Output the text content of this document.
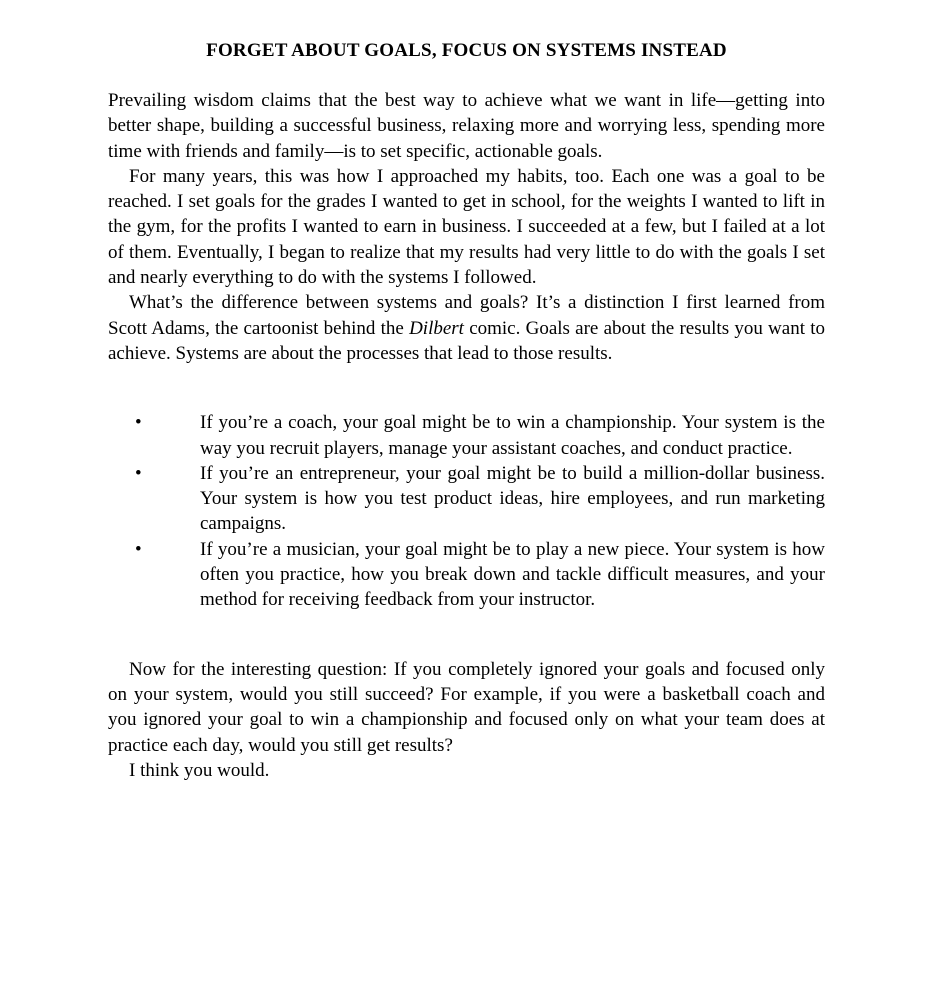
FORGET ABOUT GOALS, FOCUS ON SYSTEMS INSTEAD

Prevailing wisdom claims that the best way to achieve what we want in life—getting into better shape, building a successful business, relaxing more and worrying less, spending more time with friends and family—is to set specific, actionable goals.

For many years, this was how I approached my habits, too. Each one was a goal to be reached. I set goals for the grades I wanted to get in school, for the weights I wanted to lift in the gym, for the profits I wanted to earn in business. I succeeded at a few, but I failed at a lot of them. Eventually, I began to realize that my results had very little to do with the goals I set and nearly everything to do with the systems I followed.

What’s the difference between systems and goals? It’s a distinction I first learned from Scott Adams, the cartoonist behind the Dilbert comic. Goals are about the results you want to achieve. Systems are about the processes that lead to those results.

•	If you’re a coach, your goal might be to win a championship. Your system is the way you recruit players, manage your assistant coaches, and conduct practice.
•	If you’re an entrepreneur, your goal might be to build a million-dollar business. Your system is how you test product ideas, hire employees, and run marketing campaigns.
•	If you’re a musician, your goal might be to play a new piece. Your system is how often you practice, how you break down and tackle difficult measures, and your method for receiving feedback from your instructor.

Now for the interesting question: If you completely ignored your goals and focused only on your system, would you still succeed? For example, if you were a basketball coach and you ignored your goal to win a championship and focused only on what your team does at practice each day, would you still get results?

I think you would.
